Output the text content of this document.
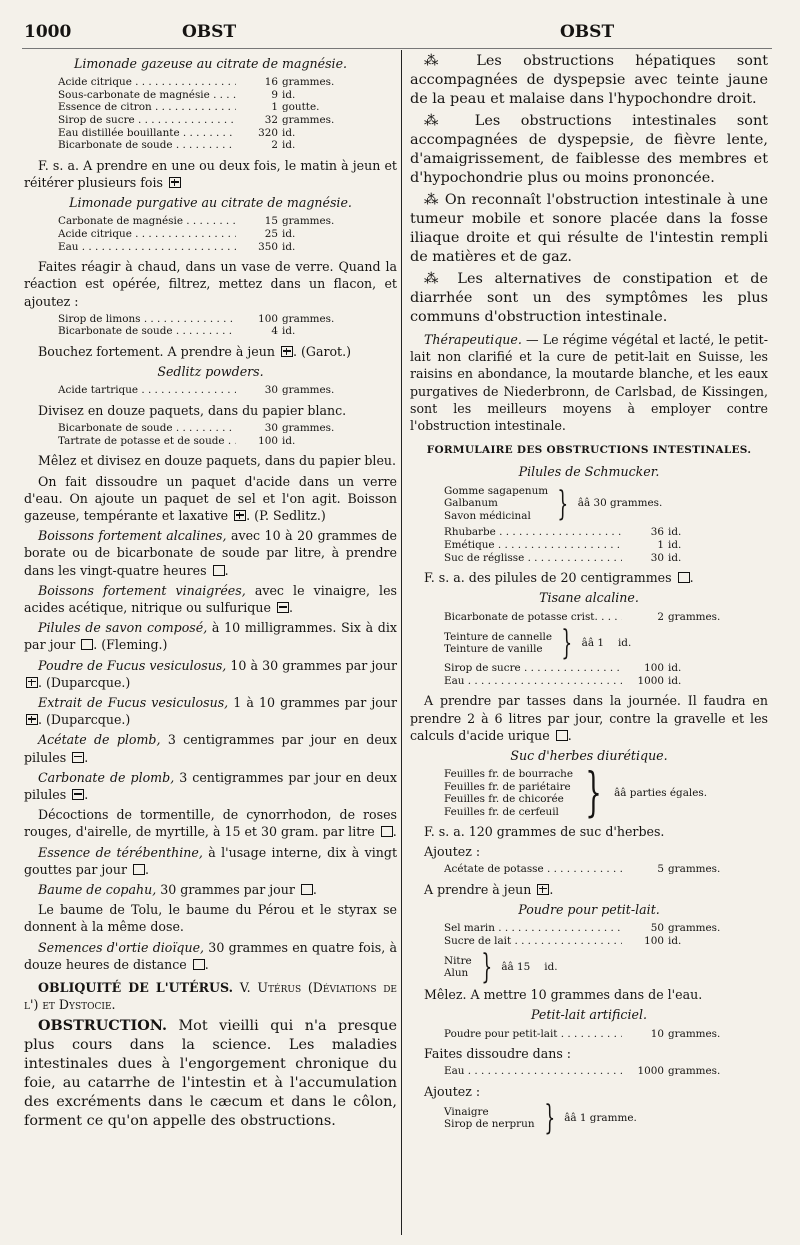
1000	OBST	OBST
Limonade gazeuse au citrate de magnésie.
Acide citrique . . .	16 grammes.
Sous-carbonate de magnésie . . .	9 id.
Essence de citron . . .	1 goutte.
Sirop de sucre . . .	32 grammes.
Eau distillée bouillante . . .	320 id.
Bicarbonate de soude . . .	2 id.

F. s. a. A prendre en une ou deux fois, le matin à jeun et réitérer plusieurs fois

Limonade purgative au citrate de magnésie.
Carbonate de magnésie . . .	15 grammes.
Acide citrique . . .	25 id.
Eau . . .	350 id.

Faites réagir à chaud, dans un vase de verre. Quand la réaction est opérée, filtrez, mettez dans un flacon, et ajoutez :

Sirop de limons . . .	100 grammes.
Bicarbonate de soude . . .	4 id.

Bouchez fortement. A prendre à jeun . (Garot.)

Sedlitz powders.
Acide tartrique . . .	30 grammes.

Divisez en douze paquets, dans du papier blanc.

Bicarbonate de soude . . .	30 grammes.
Tartrate de potasse et de soude . . .	100 id.

Mêlez et divisez en douze paquets, dans du papier bleu.

On fait dissoudre un paquet d'acide dans un verre d'eau. On ajoute un paquet de sel et l'on agit. Boisson gazeuse, tempérante et laxative . (P. Sedlitz.)

Boissons fortement alcalines, avec 10 à 20 grammes de borate ou de bicarbonate de soude par litre, à prendre dans les vingt-quatre heures .

Boissons fortement vinaigrées, avec le vinaigre, les acides acétique, nitrique ou sulfurique .

Pilules de savon composé, à 10 milligrammes. Six à dix par jour . (Fleming.)

Poudre de Fucus vesiculosus, 10 à 30 grammes par jour . (Duparcque.)

Extrait de Fucus vesiculosus, 1 à 10 grammes par jour . (Duparcque.)

Acétate de plomb, 3 centigrammes par jour en deux pilules .

Carbonate de plomb, 3 centigrammes par jour en deux pilules .

Décoctions de tormentille, de cynorrhodon, de roses rouges, d'airelle, de myrtille, à 15 et 30 gram. par litre .

Essence de térébenthine, à l'usage interne, dix à vingt gouttes par jour .

Baume de copahu, 30 grammes par jour .

Le baume de Tolu, le baume du Pérou et le styrax se donnent à la même dose.

Semences d'ortie dioïque, 30 grammes en quatre fois, à douze heures de distance .

OBLIQUITÉ DE L'UTÉRUS. V. Utérus (Déviations de l') et Dystocie.

OBSTRUCTION. Mot vieilli qui n'a presque plus cours dans la science. Les maladies intestinales dues à l'engorgement chronique du foie, au catarrhe de l'intestin et à l'accumulation des excréments dans le cæcum et dans le côlon, forment ce qu'on appelle des obstructions.

⁂ Les obstructions hépatiques sont accompagnées de dyspepsie avec teinte jaune de la peau et malaise dans l'hypochondre droit.

⁂ Les obstructions intestinales sont accompagnées de dyspepsie, de fièvre lente, d'amaigrissement, de faiblesse des membres et d'hypochondrie plus ou moins prononcée.

⁂ On reconnaît l'obstruction intestinale à une tumeur mobile et sonore placée dans la fosse iliaque droite et qui résulte de l'intestin rempli de matières et de gaz.

⁂ Les alternatives de constipation et de diarrhée sont un des symptômes les plus communs d'obstruction intestinale.

Thérapeutique. — Le régime végétal et lacté, le petit-lait non clarifié et la cure de petit-lait en Suisse, les raisins en abondance, la moutarde blanche, et les eaux purgatives de Niederbronn, de Carlsbad, de Kissingen, sont les meilleurs moyens à employer contre l'obstruction intestinale.

FORMULAIRE DES OBSTRUCTIONS INTESTINALES.
Pilules de Schmucker.
Gomme sagapenum
Galbanum
Savon médicinal } ââ 30 grammes.
Rhubarbe . . .	36 id.
Emétique . . .	1 id.
Suc de réglisse . . .	30 id.

F. s. a. des pilules de 20 centigrammes .

Tisane alcaline.
Bicarbonate de potasse crist. . . .	2 grammes.
Teinture de cannelle
Teinture de vanille } ââ 1 id.
Sirop de sucre . . .	100 id.
Eau . . .	1000 id.

A prendre par tasses dans la journée. Il faudra en prendre 2 à 6 litres par jour, contre la gravelle et les calculs d'acide urique .

Suc d'herbes diurétique.
Feuilles fr. de bourrache
Feuilles fr. de pariétaire
Feuilles fr. de chicorée
Feuilles fr. de cerfeuil } ââ parties égales.

F. s. a. 120 grammes de suc d'herbes.

Ajoutez :

Acétate de potasse . . .	5 grammes.

A prendre à jeun .

Poudre pour petit-lait.
Sel marin . . .	50 grammes.
Sucre de lait . . .	100 id.
Nitre
Alun } ââ 15 id.

Mêlez. A mettre 10 grammes dans de l'eau.

Petit-lait artificiel.
Poudre pour petit-lait . . .	10 grammes.

Faites dissoudre dans :

Eau . . .	1000 grammes.

Ajoutez :

Vinaigre
Sirop de nerprun } ââ 1 gramme.
